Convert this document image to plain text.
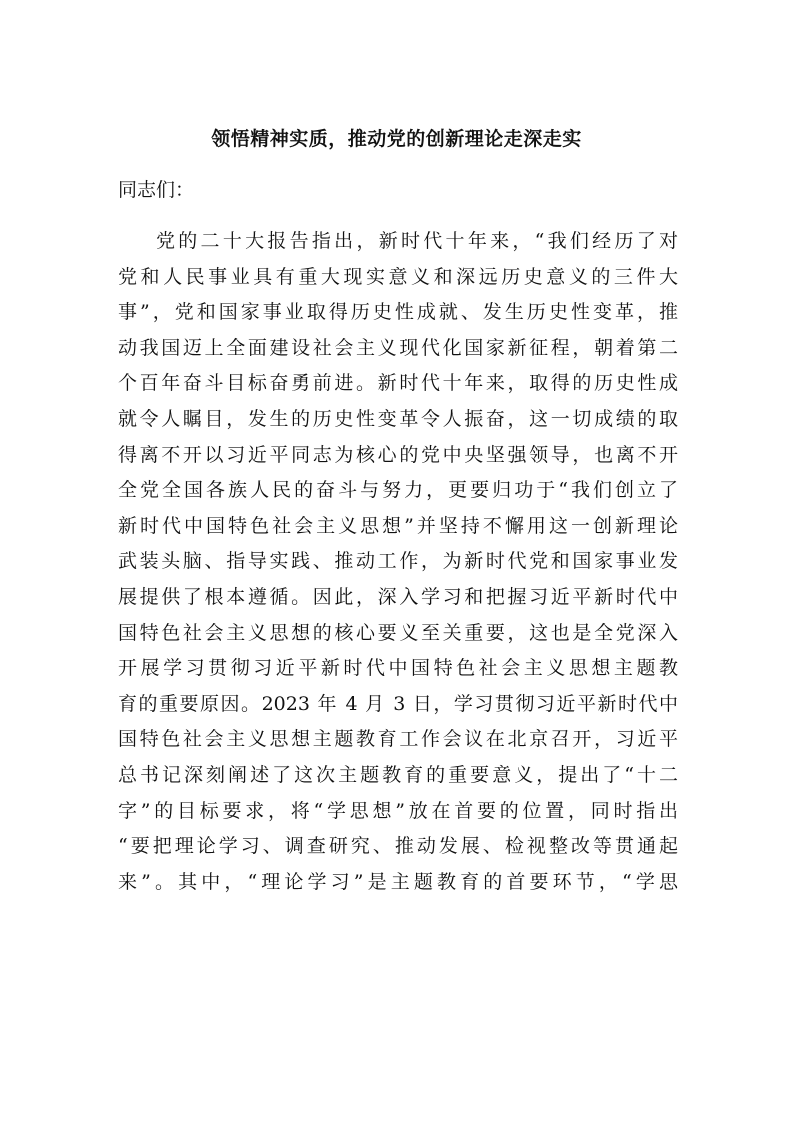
领悟精神实质，推动党的创新理论走深走实
同志们：
党的二十大报告指出，新时代十年来，“我们经历了对
党和人民事业具有重大现实意义和深远历史意义的三件大
事”，党和国家事业取得历史性成就、发生历史性变革，推
动我国迈上全面建设社会主义现代化国家新征程，朝着第二
个百年奋斗目标奋勇前进。新时代十年来，取得的历史性成
就令人瞩目，发生的历史性变革令人振奋，这一切成绩的取
得离不开以习近平同志为核心的党中央坚强领导，也离不开
全党全国各族人民的奋斗与努力，更要归功于“我们创立了
新时代中国特色社会主义思想”并坚持不懈用这一创新理论
武装头脑、指导实践、推动工作，为新时代党和国家事业发
展提供了根本遵循。因此，深入学习和把握习近平新时代中
国特色社会主义思想的核心要义至关重要，这也是全党深入
开展学习贯彻习近平新时代中国特色社会主义思想主题教
育的重要原因。2023 年 4 月 3 日，学习贯彻习近平新时代中
国特色社会主义思想主题教育工作会议在北京召开，习近平
总书记深刻阐述了这次主题教育的重要意义，提出了“十二
字”的目标要求，将“学思想”放在首要的位置，同时指出
“要把理论学习、调查研究、推动发展、检视整改等贯通起
来”。其中，“理论学习”是主题教育的首要环节，“学思
